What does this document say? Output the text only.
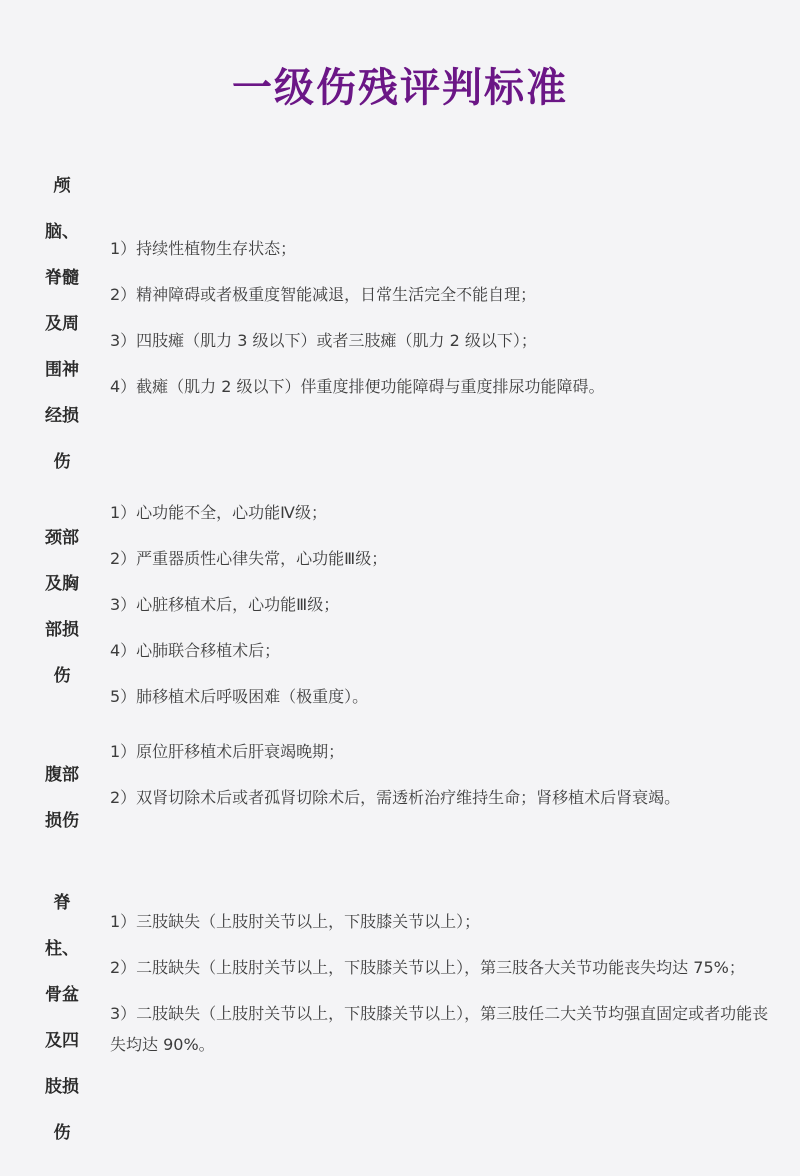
一级伤残评判标准
颅
脑、
脊髓
及周
围神
经损
伤
1）持续性植物生存状态；
2）精神障碍或者极重度智能减退，日常生活完全不能自理；
3）四肢瘫（肌力 3 级以下）或者三肢瘫（肌力 2 级以下）；
4）截瘫（肌力 2 级以下）伴重度排便功能障碍与重度排尿功能障碍。
颈部
及胸
部损
伤
1）心功能不全，心功能Ⅳ级；
2）严重器质性心律失常，心功能Ⅲ级；
3）心脏移植术后，心功能Ⅲ级；
4）心肺联合移植术后；
5）肺移植术后呼吸困难（极重度）。
腹部
损伤
1）原位肝移植术后肝衰竭晚期；
2）双肾切除术后或者孤肾切除术后，需透析治疗维持生命；肾移植术后肾衰竭。
脊
柱、
骨盆
及四
肢损
伤
1）三肢缺失（上肢肘关节以上，下肢膝关节以上）；
2）二肢缺失（上肢肘关节以上，下肢膝关节以上），第三肢各大关节功能丧失均达 75%；
3）二肢缺失（上肢肘关节以上，下肢膝关节以上），第三肢任二大关节均强直固定或者功能丧失均达 90%。
